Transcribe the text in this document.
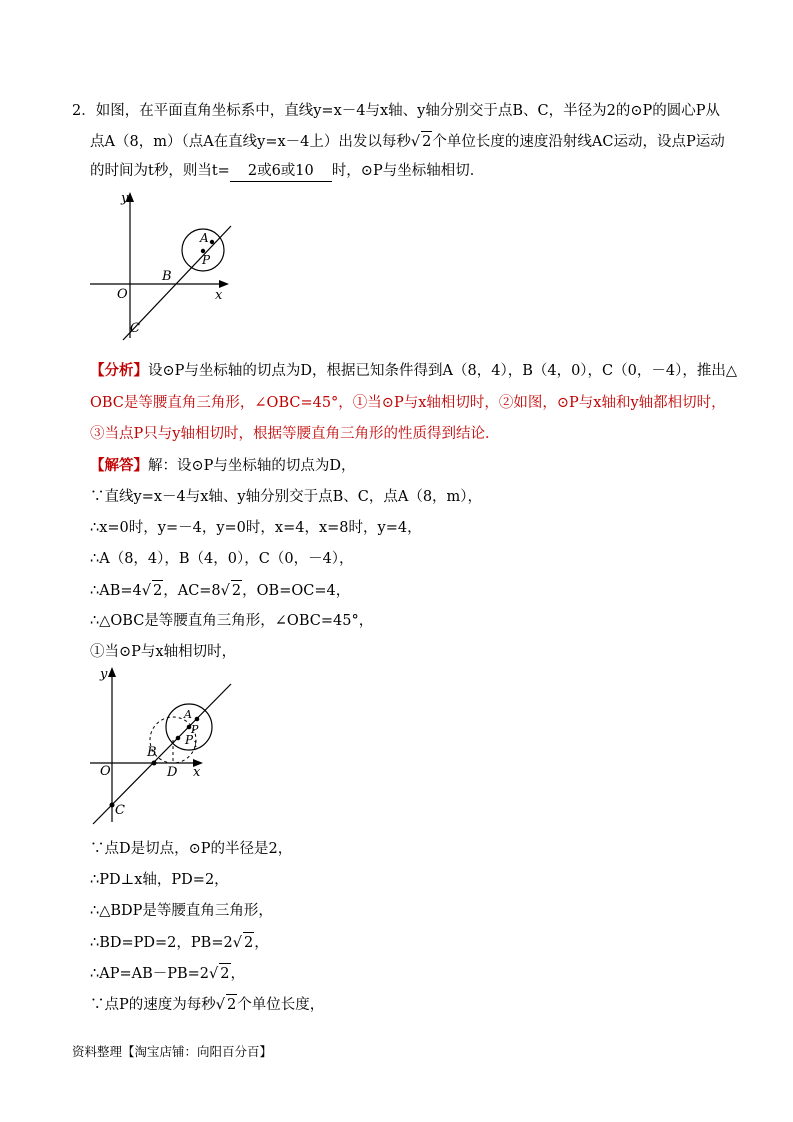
2．如图，在平面直角坐标系中，直线y=x－4与x轴、y轴分别交于点B、C，半径为2的⊙P的圆心P从
点A（8，m）（点A在直线y=x－4上）出发以每秒√ 2个单位长度的速度沿射线AC运动，设点P运动
的时间为t秒，则当t= 2或6或10 时，⊙P与坐标轴相切．
y
x
O
A
P
B
C
【分析】设⊙P与坐标轴的切点为D，根据已知条件得到A（8，4），B（4，0），C（0，－4），推出△
OBC是等腰直角三角形，∠OBC=45°，①当⊙P与x轴相切时，②如图，⊙P与x轴和y轴都相切时，
③当点P只与y轴相切时，根据等腰直角三角形的性质得到结论．
【解答】解：设⊙P与坐标轴的切点为D，
∵直线y=x－4与x轴、y轴分别交于点B、C，点A（8，m），
∴x=0时，y=－4，y=0时，x=4，x=8时，y=4，
∴A（8，4），B（4，0），C（0，－4），
∴AB=4√ 2，AC=8√ 2，OB=OC=4，
∴△OBC是等腰直角三角形，∠OBC=45°，
①当⊙P与x轴相切时，
y
x
O
A
P
P 1
B
D
C
∵点D是切点，⊙P的半径是2，
∴PD⊥x轴，PD=2，
∴△BDP是等腰直角三角形，
∴BD=PD=2，PB=2√ 2，
∴AP=AB－PB=2√ 2，
∵点P的速度为每秒√ 2个单位长度，
资料整理【淘宝店铺：向阳百分百】
